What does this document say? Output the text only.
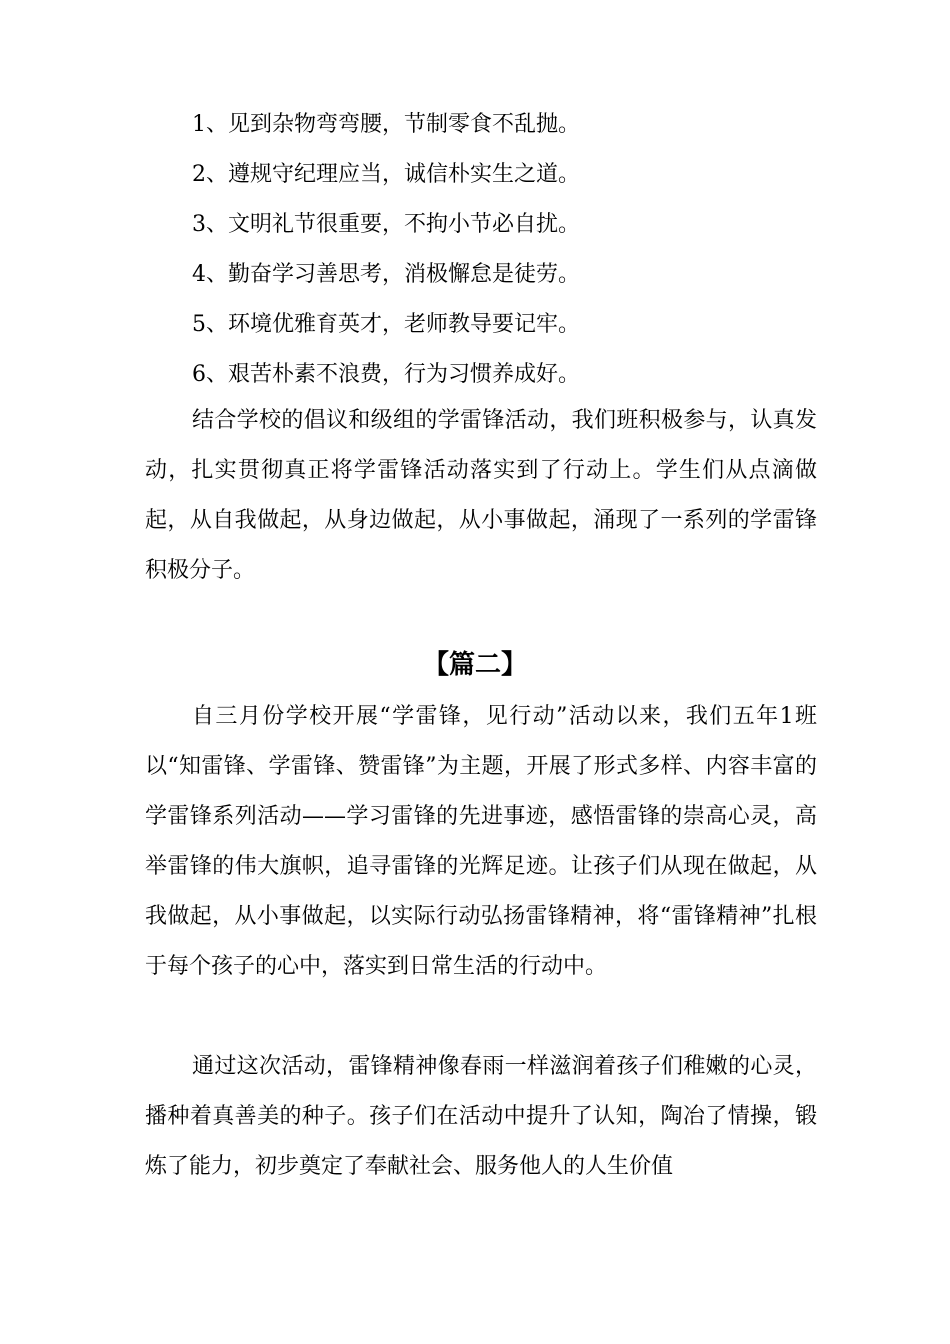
1、见到杂物弯弯腰，节制零食不乱抛。
2、遵规守纪理应当，诚信朴实生之道。
3、文明礼节很重要，不拘小节必自扰。
4、勤奋学习善思考，消极懈怠是徒劳。
5、环境优雅育英才，老师教导要记牢。
6、艰苦朴素不浪费，行为习惯养成好。

结合学校的倡议和级组的学雷锋活动，我们班积极参与，认真发动，扎实贯彻真正将学雷锋活动落实到了行动上。学生们从点滴做起，从自我做起，从身边做起，从小事做起，涌现了一系列的学雷锋积极分子。

【篇二】

自三月份学校开展“学雷锋，见行动”活动以来，我们五年1班以“知雷锋、学雷锋、赞雷锋”为主题，开展了形式多样、内容丰富的学雷锋系列活动——学习雷锋的先进事迹，感悟雷锋的崇高心灵，高举雷锋的伟大旗帜，追寻雷锋的光辉足迹。让孩子们从现在做起，从我做起，从小事做起，以实际行动弘扬雷锋精神，将“雷锋精神”扎根于每个孩子的心中，落实到日常生活的行动中。

通过这次活动，雷锋精神像春雨一样滋润着孩子们稚嫩的心灵，播种着真善美的种子。孩子们在活动中提升了认知，陶冶了情操，锻炼了能力，初步奠定了奉献社会、服务他人的人生价值
